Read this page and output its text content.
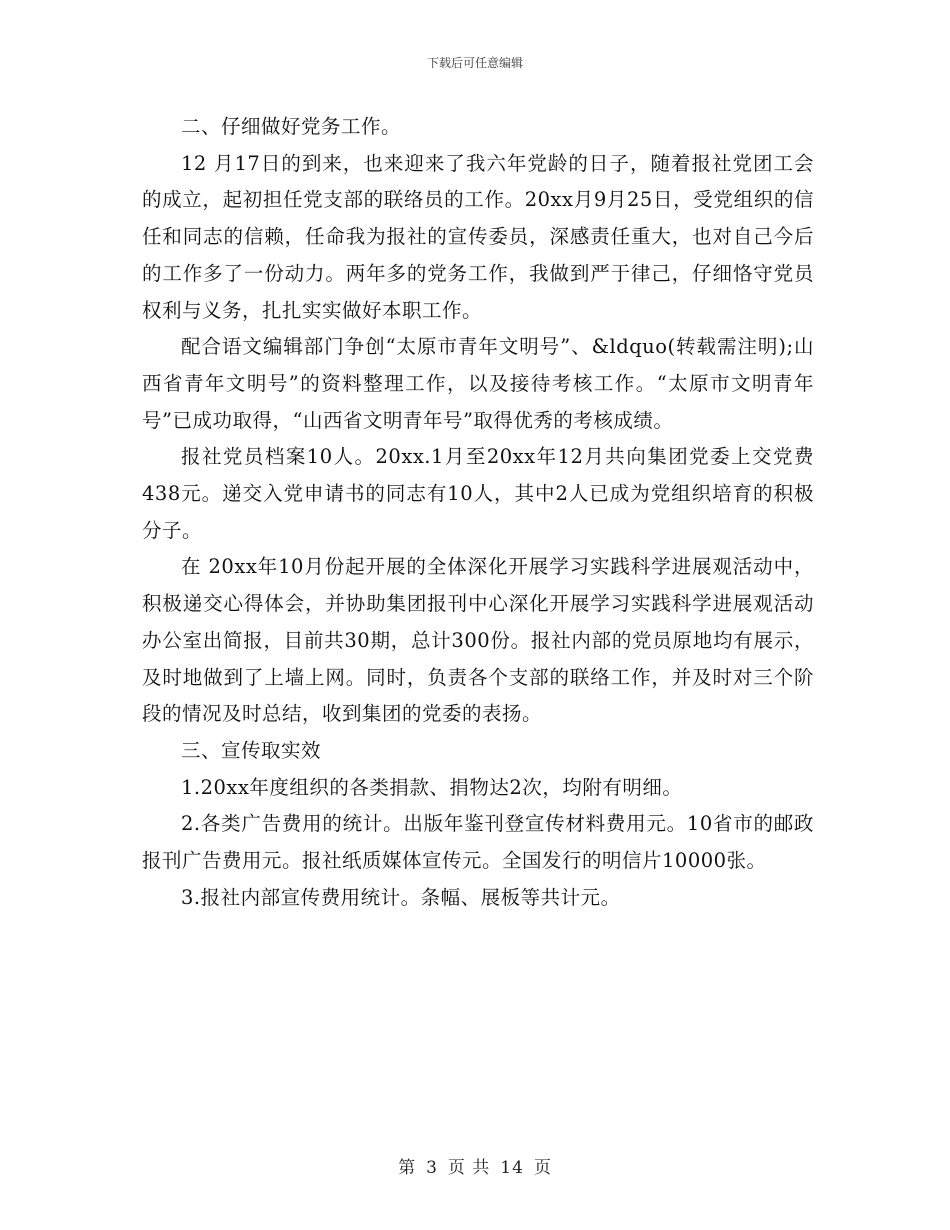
下载后可任意编辑

二、仔细做好党务工作。

12 月17日的到来，也来迎来了我六年党龄的日子，随着报社党团工会的成立，起初担任党支部的联络员的工作。20xx月9月25日，受党组织的信任和同志的信赖，任命我为报社的宣传委员，深感责任重大，也对自己今后的工作多了一份动力。两年多的党务工作，我做到严于律己，仔细恪守党员权利与义务，扎扎实实做好本职工作。

配合语文编辑部门争创“太原市青年文明号”、&ldquo(转载需注明);山西省青年文明号”的资料整理工作，以及接待考核工作。“太原市文明青年号”已成功取得，“山西省文明青年号”取得优秀的考核成绩。

报社党员档案10人。20xx.1月至20xx年12月共向集团党委上交党费438元。递交入党申请书的同志有10人，其中2人已成为党组织培育的积极分子。

在 20xx年10月份起开展的全体深化开展学习实践科学进展观活动中，积极递交心得体会，并协助集团报刊中心深化开展学习实践科学进展观活动办公室出简报，目前共30期，总计300份。报社内部的党员原地均有展示，及时地做到了上墙上网。同时，负责各个支部的联络工作，并及时对三个阶段的情况及时总结，收到集团的党委的表扬。

三、宣传取实效

1.20xx年度组织的各类捐款、捐物达2次，均附有明细。

2.各类广告费用的统计。出版年鉴刊登宣传材料费用元。10省市的邮政报刊广告费用元。报社纸质媒体宣传元。全国发行的明信片10000张。

3.报社内部宣传费用统计。条幅、展板等共计元。

第 3 页 共 14 页
